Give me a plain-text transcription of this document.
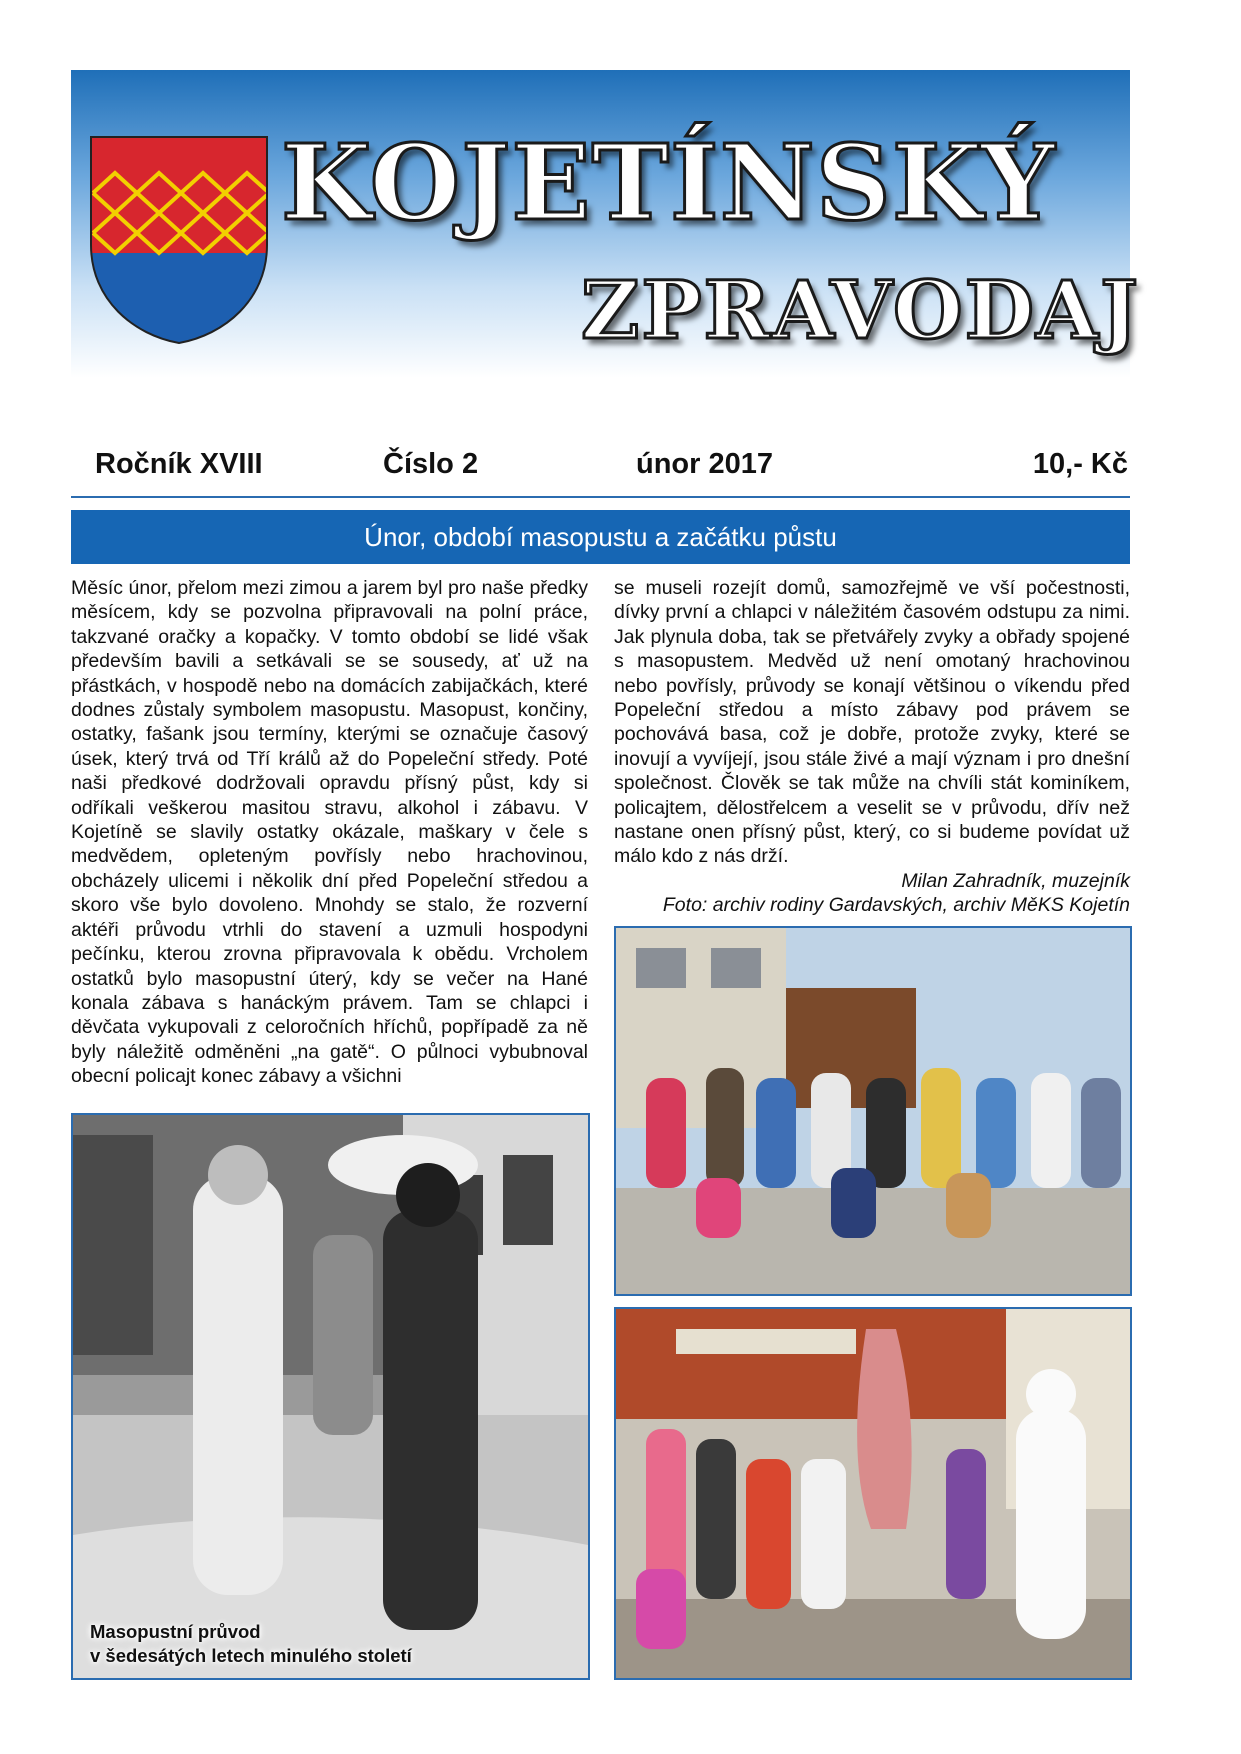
KOJETÍNSKÝ
ZPRAVODAJ
Ročník XVIII	Číslo 2	únor 2017	10,- Kč
Únor, období masopustu a začátku půstu

Měsíc únor, přelom mezi zimou a jarem byl pro naše předky měsícem, kdy se pozvolna připravovali na polní práce, takzvané oračky a kopačky. V tomto období se lidé však především bavili a setkávali se se sousedy, ať už na přástkách, v hospodě nebo na domácích zabijačkách, které dodnes zůstaly symbolem masopustu. Masopust, končiny, ostatky, fašank jsou termíny, kterými se označuje časový úsek, který trvá od Tří králů až do Popeleční středy. Poté naši předkové dodržovali opravdu přísný půst, kdy si odříkali veškerou masitou stravu, alkohol i zábavu. V Kojetíně se slavily ostatky okázale, maškary v čele s medvědem, opleteným povřísly nebo hrachovinou, obcházely ulicemi i několik dní před Popeleční středou a skoro vše bylo dovoleno. Mnohdy se stalo, že rozverní aktéři průvodu vtrhli do stavení a uzmuli hospodyni pečínku, kterou zrovna připravovala k obědu. Vrcholem ostatků bylo masopustní úterý, kdy se večer na Hané konala zábava s hanáckým právem. Tam se chlapci i děvčata vykupovali z celoročních hříchů, popřípadě za ně byly náležitě odměněni „na gatě“. O půlnoci vybubnoval obecní policajt konec zábavy a všichni

se museli rozejít domů, samozřejmě ve vší počestnosti, dívky první a chlapci v náležitém časovém odstupu za nimi. Jak plynula doba, tak se přetvářely zvyky a obřady spojené s masopustem. Medvěd už není omotaný hrachovinou nebo povřísly, průvody se konají většinou o víkendu před Popeleční středou a místo zábavy pod právem se pochovává basa, což je dobře, protože zvyky, které se inovují a vyvíjejí, jsou stále živé a mají význam i pro dnešní společnost. Člověk se tak může na chvíli stát kominíkem, policajtem, dělostřelcem a veselit se v průvodu, dřív než nastane onen přísný půst, který, co si budeme povídat už málo kdo z nás drží.

Milan Zahradník, muzejník

Foto: archiv rodiny Gardavských, archiv MěKS Kojetín

Masopustní průvod
v šedesátých letech minulého století
